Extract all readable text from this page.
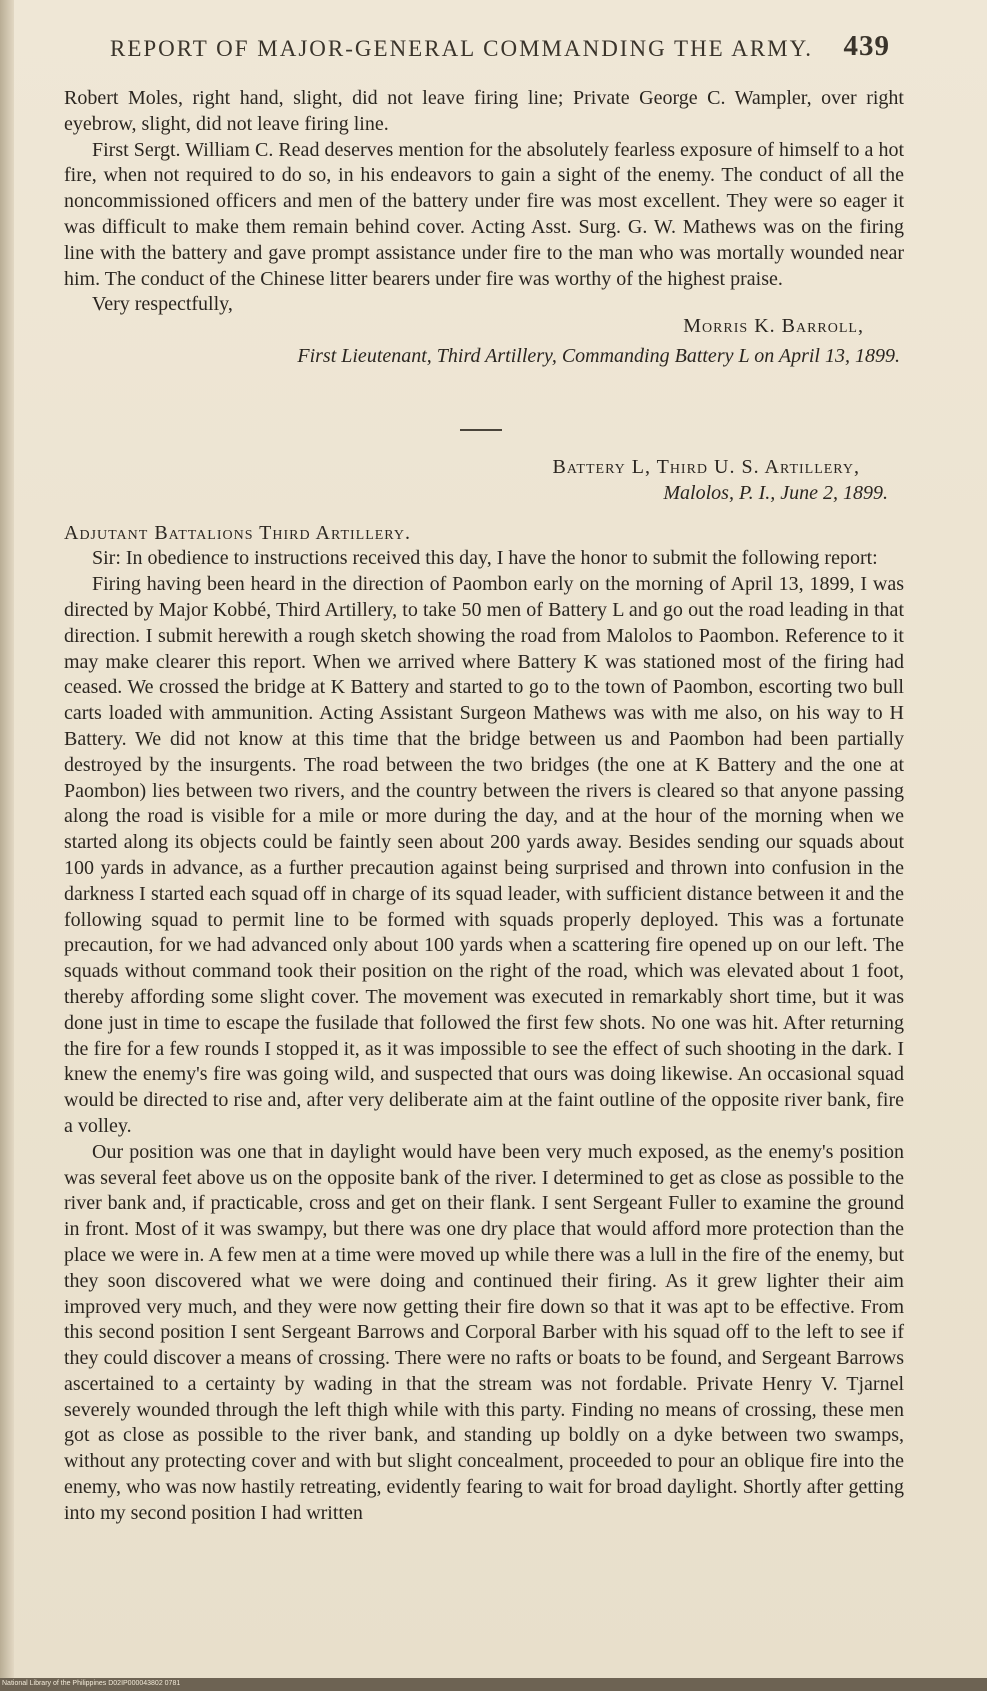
REPORT OF MAJOR-GENERAL COMMANDING THE ARMY. 439

Robert Moles, right hand, slight, did not leave firing line; Private George C. Wampler, over right eyebrow, slight, did not leave firing line.

First Sergt. William C. Read deserves mention for the absolutely fearless exposure of himself to a hot fire, when not required to do so, in his endeavors to gain a sight of the enemy. The conduct of all the noncommissioned officers and men of the battery under fire was most excellent. They were so eager it was difficult to make them remain behind cover. Acting Asst. Surg. G. W. Mathews was on the firing line with the battery and gave prompt assistance under fire to the man who was mortally wounded near him. The conduct of the Chinese litter bearers under fire was worthy of the highest praise.

Very respectfully,

Morris K. Barroll,
First Lieutenant, Third Artillery, Commanding Battery L on April 13, 1899.
Battery L, Third U. S. Artillery,
Malolos, P. I., June 2, 1899.
Adjutant Battalions Third Artillery.

Sir: In obedience to instructions received this day, I have the honor to submit the following report:

Firing having been heard in the direction of Paombon early on the morning of April 13, 1899, I was directed by Major Kobbé, Third Artillery, to take 50 men of Battery L and go out the road leading in that direction. I submit herewith a rough sketch showing the road from Malolos to Paombon. Reference to it may make clearer this report. When we arrived where Battery K was stationed most of the firing had ceased. We crossed the bridge at K Battery and started to go to the town of Paombon, escorting two bull carts loaded with ammunition. Acting Assistant Surgeon Mathews was with me also, on his way to H Battery. We did not know at this time that the bridge between us and Paombon had been partially destroyed by the insurgents. The road between the two bridges (the one at K Battery and the one at Paombon) lies between two rivers, and the country between the rivers is cleared so that anyone passing along the road is visible for a mile or more during the day, and at the hour of the morning when we started along its objects could be faintly seen about 200 yards away. Besides sending our squads about 100 yards in advance, as a further precaution against being surprised and thrown into confusion in the darkness I started each squad off in charge of its squad leader, with sufficient distance between it and the following squad to permit line to be formed with squads properly deployed. This was a fortunate precaution, for we had advanced only about 100 yards when a scattering fire opened up on our left. The squads without command took their position on the right of the road, which was elevated about 1 foot, thereby affording some slight cover. The movement was executed in remarkably short time, but it was done just in time to escape the fusilade that followed the first few shots. No one was hit. After returning the fire for a few rounds I stopped it, as it was impossible to see the effect of such shooting in the dark. I knew the enemy's fire was going wild, and suspected that ours was doing likewise. An occasional squad would be directed to rise and, after very deliberate aim at the faint outline of the opposite river bank, fire a volley.

Our position was one that in daylight would have been very much exposed, as the enemy's position was several feet above us on the opposite bank of the river. I determined to get as close as possible to the river bank and, if practicable, cross and get on their flank. I sent Sergeant Fuller to examine the ground in front. Most of it was swampy, but there was one dry place that would afford more protection than the place we were in. A few men at a time were moved up while there was a lull in the fire of the enemy, but they soon discovered what we were doing and continued their firing. As it grew lighter their aim improved very much, and they were now getting their fire down so that it was apt to be effective. From this second position I sent Sergeant Barrows and Corporal Barber with his squad off to the left to see if they could discover a means of crossing. There were no rafts or boats to be found, and Sergeant Barrows ascertained to a certainty by wading in that the stream was not fordable. Private Henry V. Tjarnel severely wounded through the left thigh while with this party. Finding no means of crossing, these men got as close as possible to the river bank, and standing up boldly on a dyke between two swamps, without any protecting cover and with but slight concealment, proceeded to pour an oblique fire into the enemy, who was now hastily retreating, evidently fearing to wait for broad daylight. Shortly after getting into my second position I had written

National Library of the Philippines D02IP000043802 0781
